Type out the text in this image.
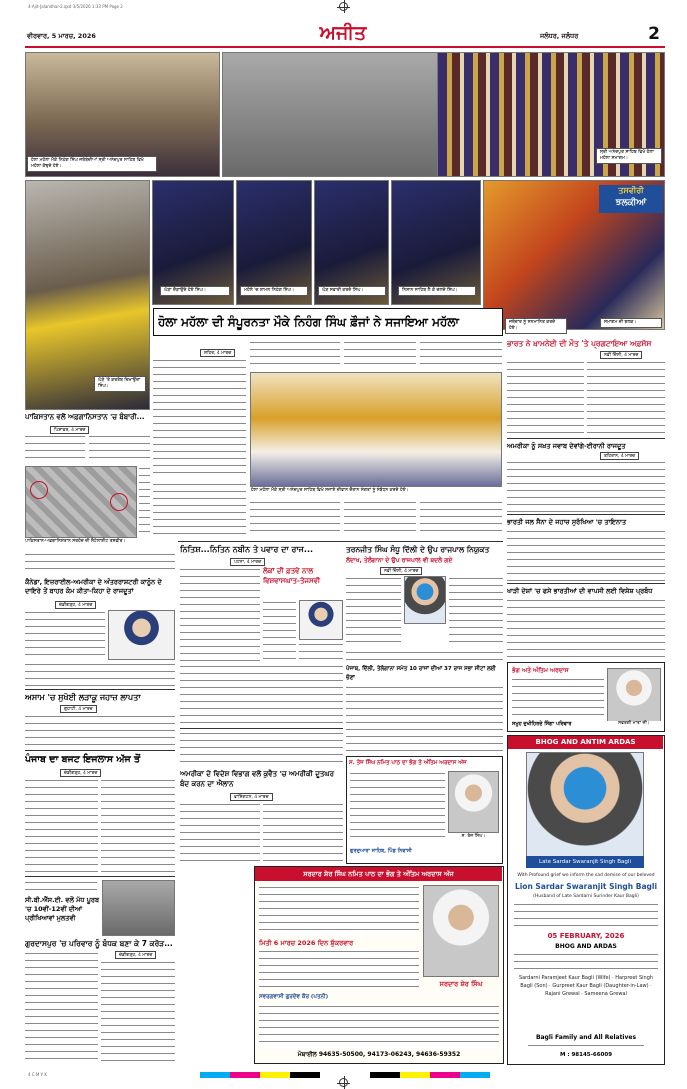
4-Ajit-Jalandhar-2.qxd 3/5/2026 1:33 PM Page 2
ਵੀਰਵਾਰ, 5 ਮਾਰਚ, 2026	ਅਜੀਤ	ਜਲੰਧਰ, ਜਲੰਧਰ	2
ਹੋਲਾ ਮਹੱਲਾ ਮੌਕੇ ਨਿਹੰਗ ਸਿੰਘ ਜਥੇਬੰਦੀਆਂ ਸ੍ਰੀ ਅਨੰਦਪੁਰ ਸਾਹਿਬ ਵਿਖੇ ਮਹੱਲਾ ਕੱਢਦੇ ਹੋਏ।
ਸ੍ਰੀ ਅਨੰਦਪੁਰ ਸਾਹਿਬ ਵਿਖੇ ਹੋਲਾ ਮਹੱਲਾ ਸਮਾਗਮ।
ਘੋੜੇ 'ਤੇ ਕਰਤੱਬ ਦਿਖਾਉਂਦਾ ਸਿੰਘ।
ਘੋੜਾ ਦੌੜਾਉਂਦੇ ਹੋਏ ਸਿੰਘ।	ਮਹੱਲੇ 'ਚ ਸ਼ਾਮਲ ਨਿਹੰਗ ਸਿੰਘ।	ਘੋੜ ਸਵਾਰੀ ਕਰਦੇ ਸਿੰਘ।	ਨਿਸ਼ਾਨ ਸਾਹਿਬ ਲੈ ਕੇ ਚਲਦੇ ਸਿੰਘ।
ਤਸਵੀਰੀ
ਝਲਕੀਆਂ
ਜਥੇਦਾਰ ਨੂੰ ਸਨਮਾਨਿਤ ਕਰਦੇ ਹੋਏ।
ਸਮਾਗਮ ਦੀ ਝਲਕ।
ਹੋਲਾ ਮਹੱਲਾ ਦੀ ਸੰਪੂਰਨਤਾ ਮੌਕੇ ਨਿਹੰਗ ਸਿੰਘ ਫ਼ੌਜਾਂ ਨੇ ਸਜਾਇਆ ਮਹੱਲਾ
ਸ਼ਹਿਰ, 4 ਮਾਰਚ
ਹੋਲਾ ਮਹੱਲਾ ਮੌਕੇ ਸ੍ਰੀ ਅਨੰਦਪੁਰ ਸਾਹਿਬ ਵਿਖੇ ਸਜਾਏ ਦੀਵਾਨ ਦੌਰਾਨ ਸੰਗਤਾਂ ਨੂੰ ਸੰਬੋਧਨ ਕਰਦੇ ਹੋਏ।
ਭਾਰਤ ਨੇ ਖ਼ਾਮਨੇਈ ਦੀ ਮੌਤ 'ਤੇ ਪ੍ਰਗਟਾਇਆ ਅਫ਼ਸੋਸ
ਨਵੀਂ ਦਿੱਲੀ, 4 ਮਾਰਚ
ਅਮਰੀਕਾ ਨੂੰ ਸਖ਼ਤ ਜਵਾਬ ਦੇਵਾਂਗੇ-ਈਰਾਨੀ ਰਾਜਦੂਤ
ਤਹਿਰਾਨ, 4 ਮਾਰਚ
ਭਾਰਤੀ ਜਲ ਸੈਨਾ ਦੇ ਜਹਾਜ਼ ਸੁਰੱਖਿਆ 'ਚ ਤਾਇਨਾਤ
ਖਾੜੀ ਦੇਸ਼ਾਂ 'ਚ ਫਸੇ ਭਾਰਤੀਆਂ ਦੀ ਵਾਪਸੀ ਲਈ ਵਿਸ਼ੇਸ਼ ਪ੍ਰਬੰਧ
ਪਾਕਿਸਤਾਨ ਵਲੋਂ ਅਫ਼ਗਾਨਿਸਤਾਨ 'ਚ ਬੰਬਾਰੀ...
ਪਿਸ਼ਾਵਰ, 4 ਮਾਰਚ
ਪਾਕਿਸਤਾਨ-ਅਫ਼ਗਾਨਿਸਤਾਨ ਸਰਹੱਦ ਦੀ ਸੈਟੇਲਾਈਟ ਤਸਵੀਰ।
ਕੈਨੇਡਾ, ਇਜ਼ਰਾਈਲ-ਅਮਰੀਕਾ ਦੇ ਅੰਤਰਰਾਸ਼ਟਰੀ ਕਾਨੂੰਨ ਦੇ ਦਾਇਰੇ ਤੋਂ ਬਾਹਰ ਕੰਮ ਕੀਤਾ-ਕਿਹਾ ਦੇ ਰਾਜਦੂਤਾਂ
ਚੰਡੀਗੜ੍ਹ, 4 ਮਾਰਚ
ਅਸਾਮ 'ਚ ਸੁਖੋਈ ਲੜਾਕੂ ਜਹਾਜ਼ ਲਾਪਤਾ
ਗੁਹਾਟੀ, 4 ਮਾਰਚ
ਪੰਜਾਬ ਦਾ ਬਜਟ ਇਜਲਾਸ ਅੱਜ ਤੋਂ
ਚੰਡੀਗੜ੍ਹ, 4 ਮਾਰਚ
ਸੀ.ਬੀ.ਐੱਸ.ਈ. ਵਲੋਂ ਮੱਧ ਪੂਰਬ 'ਚ 10ਵੀਂ-12ਵੀਂ ਦੀਆਂ ਪ੍ਰੀਖਿਆਵਾਂ ਮੁਲਤਵੀ
ਗੁਰਦਾਸਪੁਰ 'ਚ ਪਰਿਵਾਰ ਨੂੰ ਬੰਧਕ ਬਣਾ ਕੇ 7 ਕਰੋੜ...
ਚੰਡੀਗੜ੍ਹ, 4 ਮਾਰਚ
ਨਿਤਿਸ਼...ਨਿਤਿਨ ਨਬੀਨ ਤੇ ਪਵਾਰ ਦਾ ਰਾਜ...
ਪਟਨਾ, 4 ਮਾਰਚ
ਲੋਕਾਂ ਦੀ ਫ਼ਤਵੇ ਨਾਲ ਵਿਸ਼ਵਾਸਘਾਤ-ਤੇਜਸਵੀ
ਅਮਰੀਕਾ ਦੇ ਵਿਦੇਸ਼ ਵਿਭਾਗ ਵਲੋਂ ਕੁਵੈਤ 'ਚ ਅਮਰੀਕੀ ਦੂਤਘਰ ਬੰਦ ਕਰਨ ਦਾ ਐਲਾਨ
ਵਾਸ਼ਿੰਗਟਨ, 4 ਮਾਰਚ
ਤਰਨਜੀਤ ਸਿੰਘ ਸੰਧੂ ਦਿੱਲੀ ਦੇ ਉਪ ਰਾਜਪਾਲ ਨਿਯੁਕਤ
ਲੱਦਾਖ, ਤੇਲੰਗਾਨਾ ਦੇ ਉਪ ਰਾਜਪਾਲ ਵੀ ਬਦਲੇ ਗਏ
ਨਵੀਂ ਦਿੱਲੀ, 4 ਮਾਰਚ
ਪੰਜਾਬ, ਦਿੱਲੀ, ਤੇਲੰਗਾਨਾ ਸਮੇਤ 10 ਰਾਜਾਂ ਦੀਆਂ 37 ਰਾਜ ਸਭਾ ਸੀਟਾਂ ਲਈ ਚੋਣਾਂ
ਭੋਗ ਅਤੇ ਅੰਤਿਮ ਅਰਦਾਸ
ਸਵਰਗੀ ਮਾਤਾ ਜੀ।
ਸਮੂਹ ਦੁਖੀਹਿਰਦੇ ਸਿੰਗਾ ਪਰਿਵਾਰ
ਸ. ਤੇਜ ਸਿੰਘ ਨਮਿਤ ਪਾਠ ਦਾ ਭੋਗ ਤੇ ਅੰਤਿਮ ਅਰਦਾਸ ਅੱਜ
ਸ. ਤੇਜ ਸਿੰਘ।
ਗੁਰਦੁਆਰਾ ਸਾਹਿਬ, ਪਿੰਡ ਨਿਵਾਸੀ
BHOG AND ANTIM ARDAS
Late Sardar Swaranjit Singh Bagli
With Profound grief we inform the sad demise of our beloved
Lion Sardar Swaranjit Singh Bagli
(Husband of Late Sardarni Surinder Kaur Bagli)
05 FEBRUARY, 2026
BHOG AND ARDAS
Sardarni Paramjeet Kaur Bagli (Wife) · Harpreet Singh Bagli (Son) · Gurpreet Kaur Bagli (Daughter-in-Law) · Rajani Grewal · Sameena Grewal
Bagli Family and All Relatives
M : 98145-66009
ਸਰਦਾਰ ਸ਼ੇਰ ਸਿੰਘ ਨਮਿਤ ਪਾਠ ਦਾ ਭੋਗ ਤੇ ਅੰਤਿਮ ਅਰਦਾਸ ਅੱਜ
ਮਿਤੀ 6 ਮਾਰਚ 2026 ਦਿਨ ਸ਼ੁੱਕਰਵਾਰ
ਸਰਦਾਰ ਸ਼ੇਰ ਸਿੰਘ
ਸਵਰਗਵਾਸੀ ਗੁਰਦੇਵ ਕੌਰ (ਪਤਨੀ)
ਮੋਬਾਈਲ 94635-50500, 94173-06243, 94636-59352
4 C M Y K
